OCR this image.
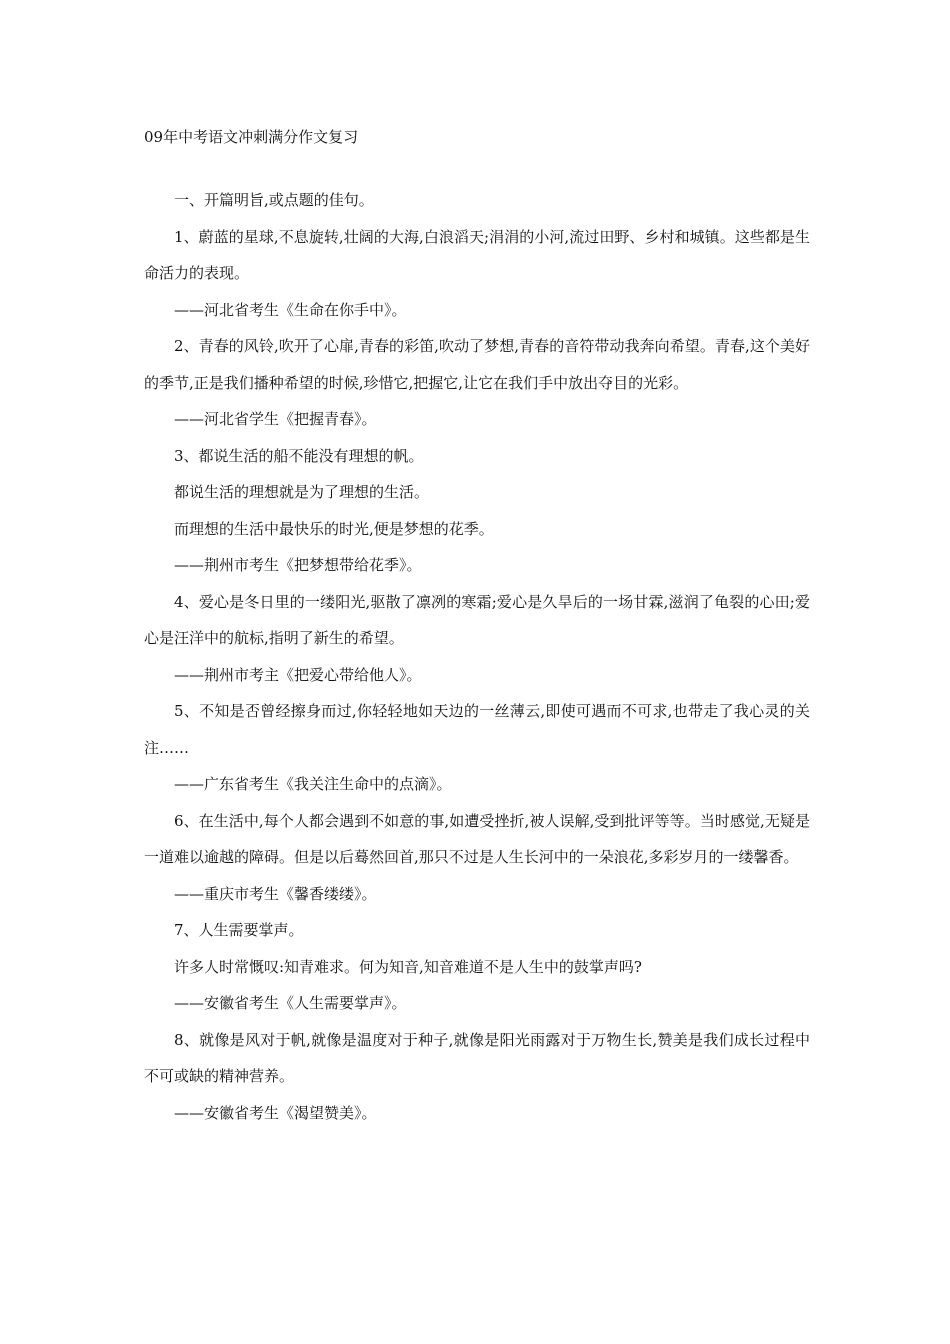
09年中考语文冲刺满分作文复习

一、开篇明旨,或点题的佳句。

1、蔚蓝的星球,不息旋转,壮阔的大海,白浪滔天;涓涓的小河,流过田野、乡村和城镇。这些都是生命活力的表现。

——河北省考生《生命在你手中》。

2、青春的风铃,吹开了心扉,青春的彩笛,吹动了梦想,青春的音符带动我奔向希望。青春,这个美好的季节,正是我们播种希望的时候,珍惜它,把握它,让它在我们手中放出夺目的光彩。

——河北省学生《把握青春》。

3、都说生活的船不能没有理想的帆。

都说生活的理想就是为了理想的生活。

而理想的生活中最快乐的时光,便是梦想的花季。

——荆州市考生《把梦想带给花季》。

4、爱心是冬日里的一缕阳光,驱散了凛冽的寒霜;爱心是久旱后的一场甘霖,滋润了龟裂的心田;爱心是汪洋中的航标,指明了新生的希望。

——荆州市考主《把爱心带给他人》。

5、不知是否曾经擦身而过,你轻轻地如天边的一丝薄云,即使可遇而不可求,也带走了我心灵的关注……

——广东省考生《我关注生命中的点滴》。

6、在生活中,每个人都会遇到不如意的事,如遭受挫折,被人误解,受到批评等等。当时感觉,无疑是一道难以逾越的障碍。但是以后蓦然回首,那只不过是人生长河中的一朵浪花,多彩岁月的一缕馨香。

——重庆市考生《馨香缕缕》。

7、人生需要掌声。

许多人时常慨叹:知青难求。何为知音,知音难道不是人生中的鼓掌声吗?

——安徽省考生《人生需要掌声》。

8、就像是风对于帆,就像是温度对于种子,就像是阳光雨露对于万物生长,赞美是我们成长过程中不可或缺的精神营养。

——安徽省考生《渴望赞美》。
